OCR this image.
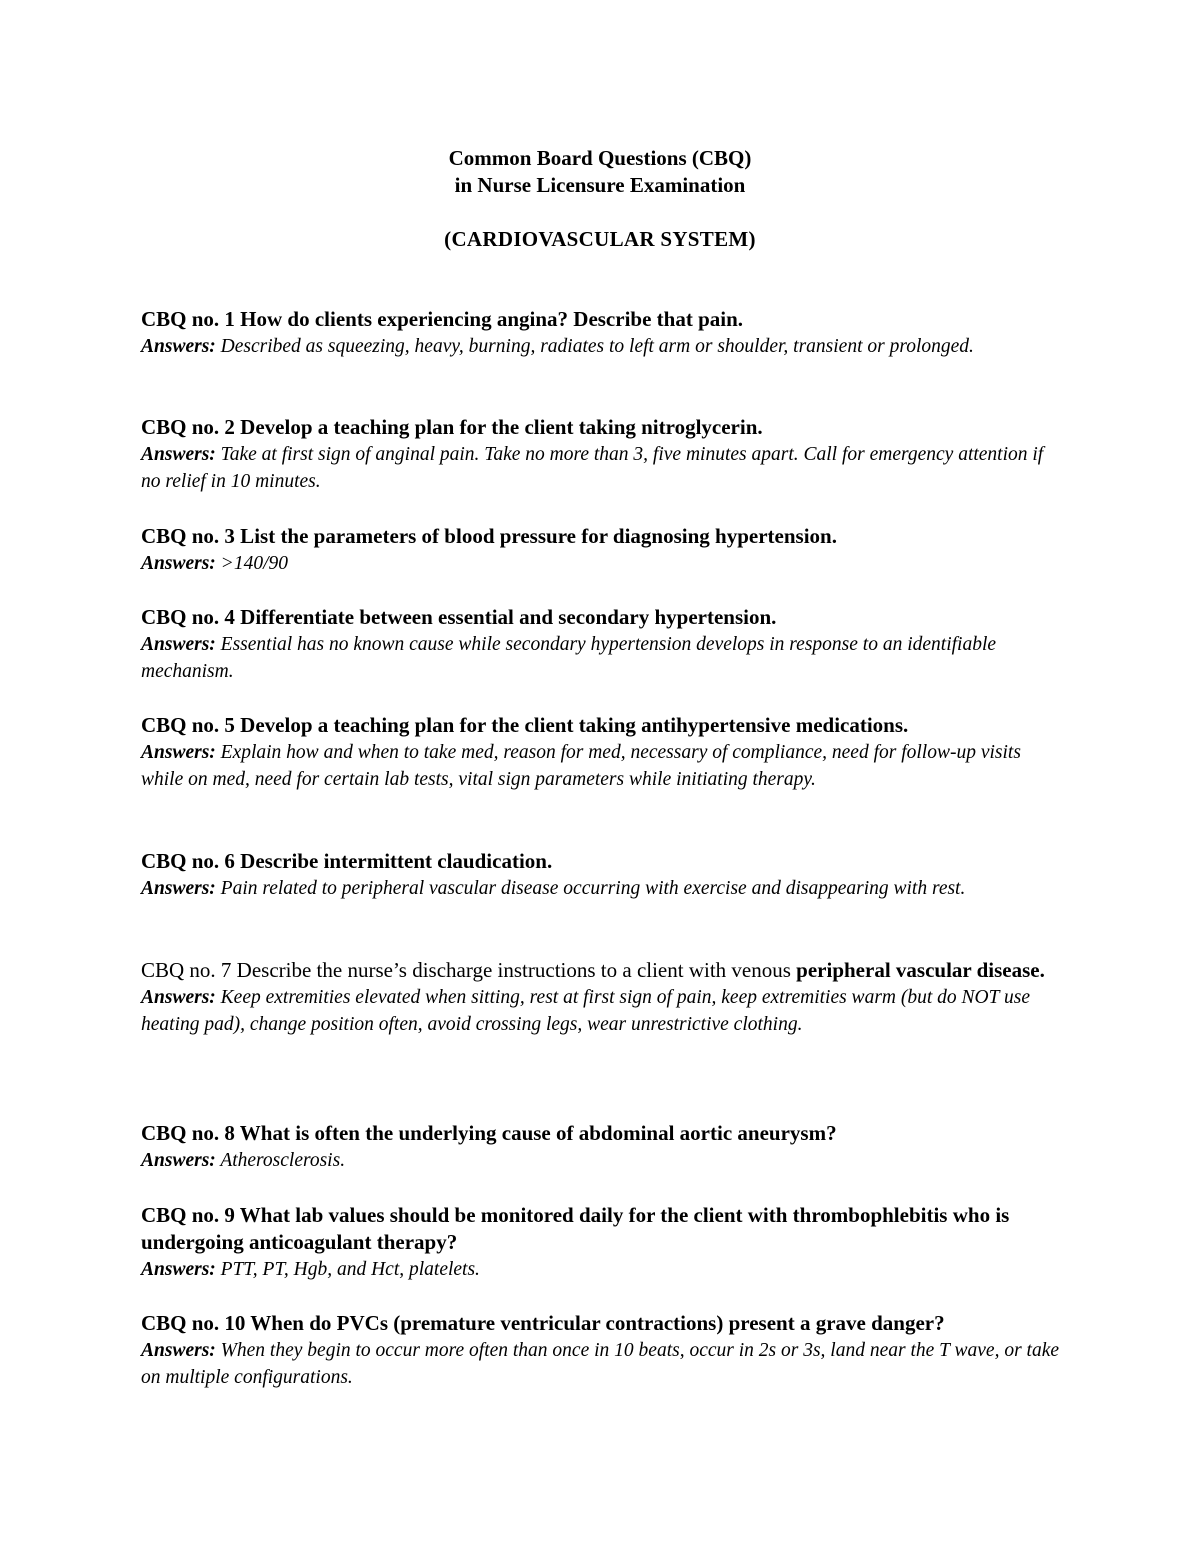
Common Board Questions (CBQ)
in Nurse Licensure Examination
(CARDIOVASCULAR SYSTEM)

CBQ no. 1 How do clients experiencing angina? Describe that pain.

Answers: Described as squeezing, heavy, burning, radiates to left arm or shoulder, transient or prolonged.

CBQ no. 2 Develop a teaching plan for the client taking nitroglycerin.

Answers: Take at first sign of anginal pain. Take no more than 3, five minutes apart. Call for emergency attention if no relief in 10 minutes.

CBQ no. 3 List the parameters of blood pressure for diagnosing hypertension.

Answers: >140/90

CBQ no. 4 Differentiate between essential and secondary hypertension.

Answers: Essential has no known cause while secondary hypertension develops in response to an identifiable mechanism.

CBQ no. 5 Develop a teaching plan for the client taking antihypertensive medications.

Answers: Explain how and when to take med, reason for med, necessary of compliance, need for follow-up visits while on med, need for certain lab tests, vital sign parameters while initiating therapy.

CBQ no. 6 Describe intermittent claudication.

Answers: Pain related to peripheral vascular disease occurring with exercise and disappearing with rest.

CBQ no. 7 Describe the nurse’s discharge instructions to a client with venous peripheral vascular disease.

Answers: Keep extremities elevated when sitting, rest at first sign of pain, keep extremities warm (but do NOT use heating pad), change position often, avoid crossing legs, wear unrestrictive clothing.

CBQ no. 8 What is often the underlying cause of abdominal aortic aneurysm?

Answers: Atherosclerosis.

CBQ no. 9 What lab values should be monitored daily for the client with thrombophlebitis who is undergoing anticoagulant therapy?

Answers: PTT, PT, Hgb, and Hct, platelets.

CBQ no. 10 When do PVCs (premature ventricular contractions) present a grave danger?

Answers: When they begin to occur more often than once in 10 beats, occur in 2s or 3s, land near the T wave, or take on multiple configurations.
